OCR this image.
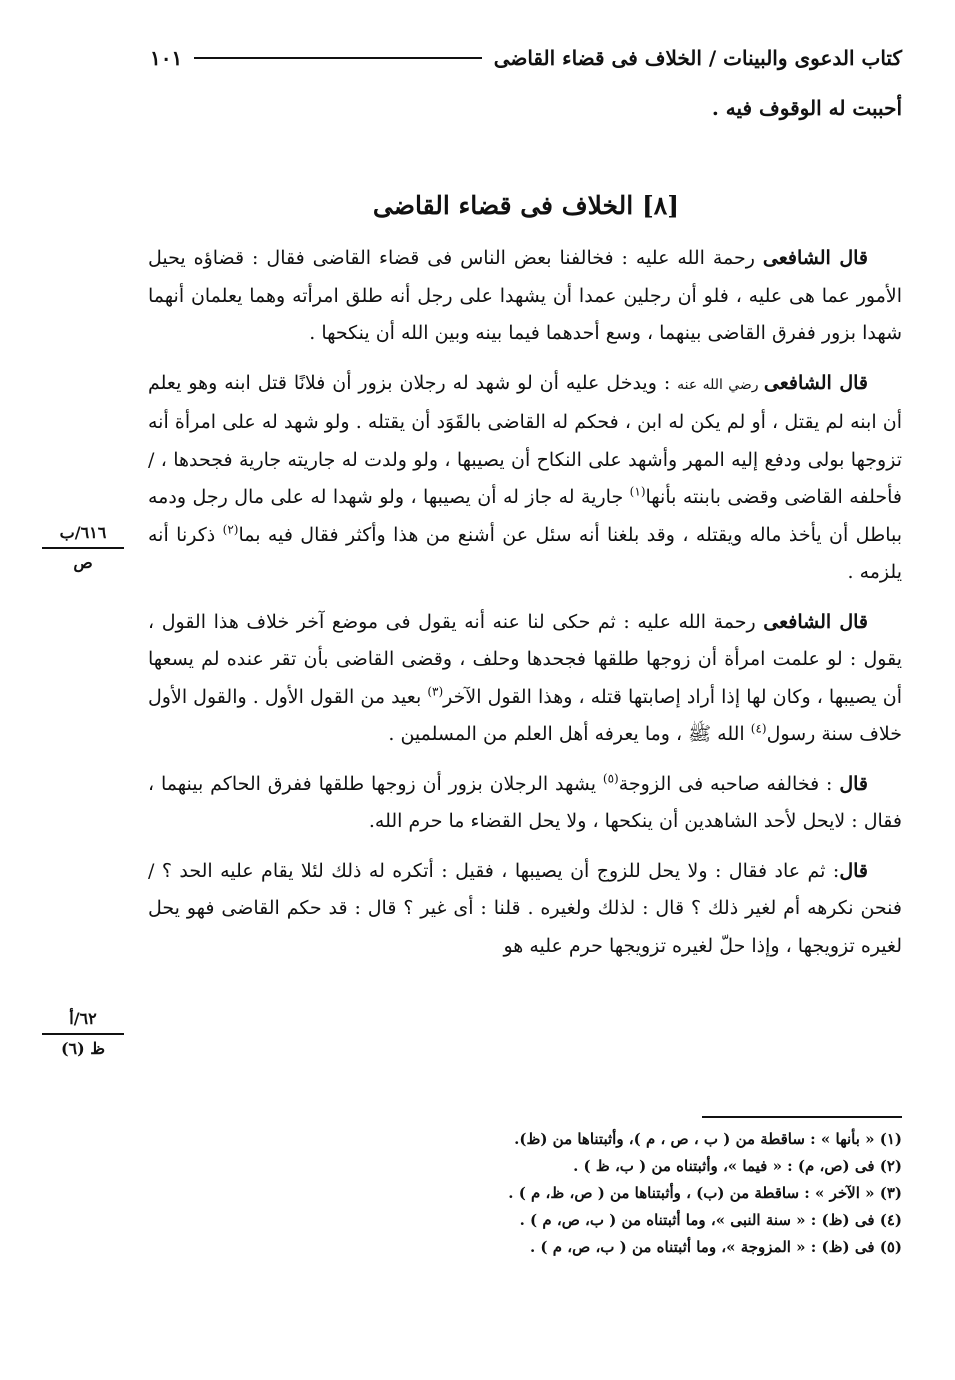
كتاب الدعوى والبينات / الخلاف فى قضاء القاضى
١٠١
أحببت له الوقوف فيه .
[٨] الخلاف فى قضاء القاضى

قال الشافعى رحمة الله عليه : فخالفنا بعض الناس فى قضاء القاضى فقال : قضاؤه يحيل الأمور عما هى عليه ، فلو أن رجلين عمدا أن يشهدا على رجل أنه طلق امرأته وهما يعلمان أنهما شهدا بزور ففرق القاضى بينهما ، وسع أحدهما فيما بينه وبين الله أن ينكحها .

قال الشافعى رضي الله عنه : ويدخل عليه أن لو شهد له رجلان بزور أن فلانًا قتل ابنه وهو يعلم أن ابنه لم يقتل ، أو لم يكن له ابن ، فحكم له القاضى بالقَوَد أن يقتله . ولو شهد له على امرأة أنه تزوجها بولى ودفع إليه المهر وأشهد على النكاح أن يصيبها ، ولو ولدت له جاريته جارية فجحدها ، / فأحلفه القاضى وقضى بابنته بأنها$^{(١)}$ جارية له جاز له أن يصيبها ، ولو شهدا له على مال رجل ودمه بباطل أن يأخذ ماله ويقتله ، وقد بلغنا أنه سئل عن أشنع من هذا وأكثر فقال فيه بما$^{(٢)}$ ذكرنا أنه يلزمه .

قال الشافعى رحمة الله عليه : ثم حكى لنا عنه أنه يقول فى موضع آخر خلاف هذا القول ، يقول : لو علمت امرأة أن زوجها طلقها فجحدها وحلف ، وقضى القاضى بأن تقر عنده لم يسعها أن يصيبها ، وكان لها إذا أراد إصابتها قتله ، وهذا القول الآخر$^{(٣)}$ بعيد من القول الأول . والقول الأول خلاف سنة رسول$^{(٤)}$ الله ﷺ ، وما يعرفه أهل العلم من المسلمين .

قال : فخالفه صاحبه فى الزوجة$^{(٥)}$ يشهد الرجلان بزور أن زوجها طلقها ففرق الحاكم بينهما ، فقال : لايحل لأحد الشاهدين أن ينكحها ، ولا يحل القضاء ما حرم الله.

قال: ثم عاد فقال : ولا يحل للزوج أن يصيبها ، فقيل : أتكره له ذلك لئلا يقام عليه الحد ؟ / فنحن نكرهه أم لغير ذلك ؟ قال : لذلك ولغيره . قلنا : أى غير ؟ قال : قد حكم القاضى فهو يحل لغيره تزويجها ، وإذا حلّ لغيره تزويجها حرم عليه هو

٦١٦/ب
ص
٦٢/أ
ظ (٦)
(١) « بأنها » : ساقطة من ( ب ، ص ، م )، وأثبتناها من (ظ).
(٢) فى (ص، م) : « فيما »، وأثبتناه من ( ب، ظ ) .
(٣) « الآخر » : ساقطة من (ب) ، وأثبتناها من ( ص، ظ، م ) .
(٤) فى (ظ) : « سنة النبى »، وما أثبتناه من ( ب، ص، م ) .
(٥) فى (ظ) : « المزوجة »، وما أثبتناه من ( ب، ص، م ) .
